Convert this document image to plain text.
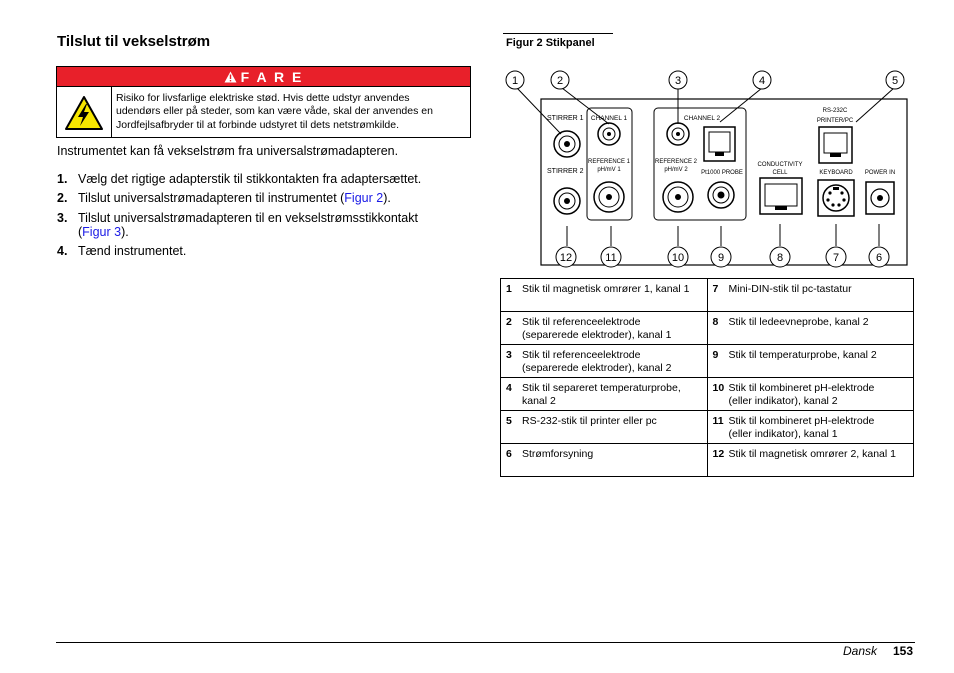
Tilslut til vekselstrøm
F A R E
Risiko for livsfarlige elektriske stød. Hvis dette udstyr anvendes
udendørs eller på steder, som kan være våde, skal der anvendes en
Jordfejlsafbryder til at forbinde udstyret til dets netstrømkilde.
Instrumentet kan få vekselstrøm fra universalstrømadapteren.
1. Vælg det rigtige adapterstik til stikkontakten fra adaptersættet.
2. Tilslut universalstrømadapteren til instrumentet (Figur 2).
3. Tilslut universalstrømadapteren til en vekselstrømsstikkontakt
(Figur 3).
4. Tænd instrumentet.
Figur 2 Stikpanel
STIRRER 1
STIRRER 2
CHANNEL 1
REFERENCE 1
pH/mV 1
CHANNEL 2
REFERENCE 2
pH/mV 2 Pt1000 PROBE
CONDUCTIVITY
CELL
RS-232C
PRINTER/PC
KEYBOARD POWER IN
1	2	3	4	5
12	11	10	9	8	7	6
1 Stik til magnetisk omrører 1, kanal 1	7 Mini-DIN-stik til pc-tastatur
2 Stik til referenceelektrode (separerede elektroder), kanal 1	8 Stik til ledeevneprobe, kanal 2
3 Stik til referenceelektrode (separerede elektroder), kanal 2	9 Stik til temperaturprobe, kanal 2
4 Stik til separeret temperaturprobe, kanal 2	10 Stik til kombineret pH-elektrode (eller indikator), kanal 2
5 RS-232-stik til printer eller pc	11 Stik til kombineret pH-elektrode (eller indikator), kanal 1
6 Strømforsyning	12 Stik til magnetisk omrører 2, kanal 1
Dansk 153
